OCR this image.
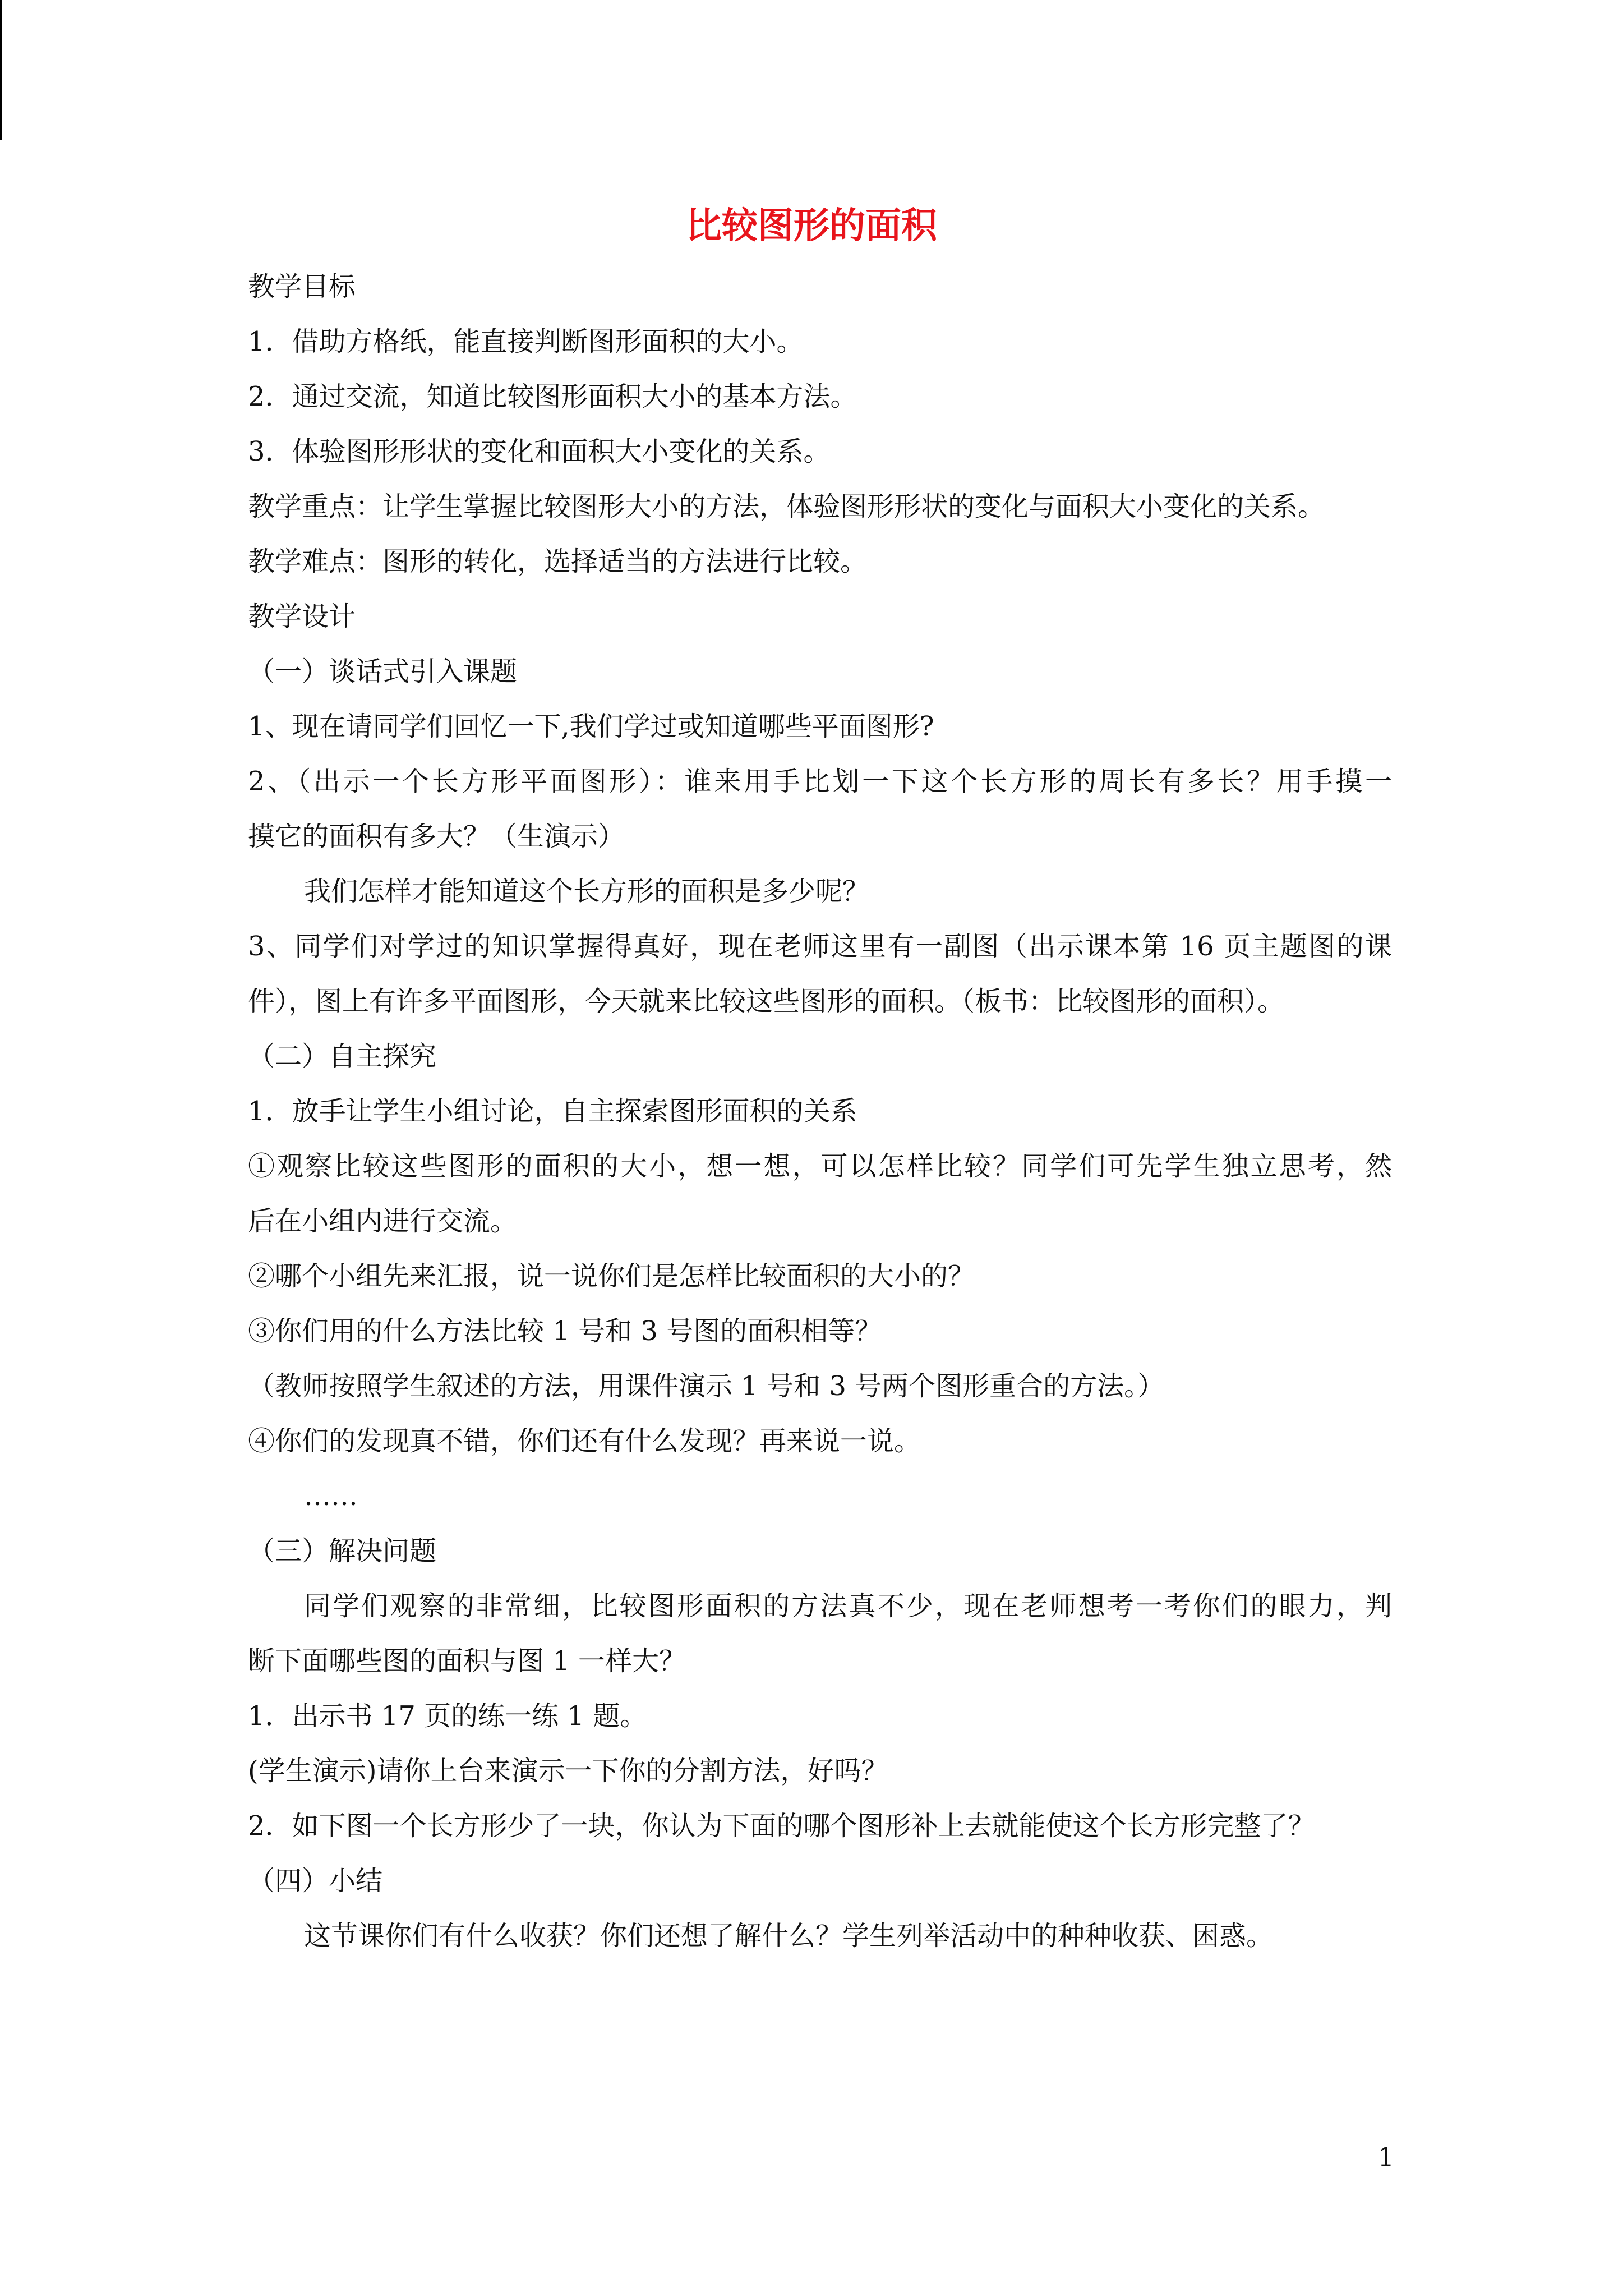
比较图形的面积

教学目标

1．借助方格纸，能直接判断图形面积的大小。

2．通过交流，知道比较图形面积大小的基本方法。

3．体验图形形状的变化和面积大小变化的关系。

教学重点：让学生掌握比较图形大小的方法，体验图形形状的变化与面积大小变化的关系。

教学难点：图形的转化，选择适当的方法进行比较。

教学设计

（一）谈话式引入课题

1、现在请同学们回忆一下,我们学过或知道哪些平面图形?

2、（出示一个长方形平面图形）：谁来用手比划一下这个长方形的周长有多长？用手摸一

摸它的面积有多大？（生演示）

我们怎样才能知道这个长方形的面积是多少呢？

3、同学们对学过的知识掌握得真好，现在老师这里有一副图（出示课本第 16 页主题图的课

件），图上有许多平面图形，今天就来比较这些图形的面积。（板书：比较图形的面积）。

（二）自主探究

1．放手让学生小组讨论，自主探索图形面积的关系

①观察比较这些图形的面积的大小，想一想，可以怎样比较？同学们可先学生独立思考，然

后在小组内进行交流。

②哪个小组先来汇报，说一说你们是怎样比较面积的大小的？

③你们用的什么方法比较 1 号和 3 号图的面积相等？

（教师按照学生叙述的方法，用课件演示 1 号和 3 号两个图形重合的方法。）

④你们的发现真不错，你们还有什么发现？再来说一说。

……

（三）解决问题

同学们观察的非常细，比较图形面积的方法真不少，现在老师想考一考你们的眼力，判

断下面哪些图的面积与图 1 一样大？

1．出示书 17 页的练一练 1 题。

(学生演示)请你上台来演示一下你的分割方法，好吗？

2．如下图一个长方形少了一块，你认为下面的哪个图形补上去就能使这个长方形完整了？

（四）小结

这节课你们有什么收获？你们还想了解什么？学生列举活动中的种种收获、困惑。

1
